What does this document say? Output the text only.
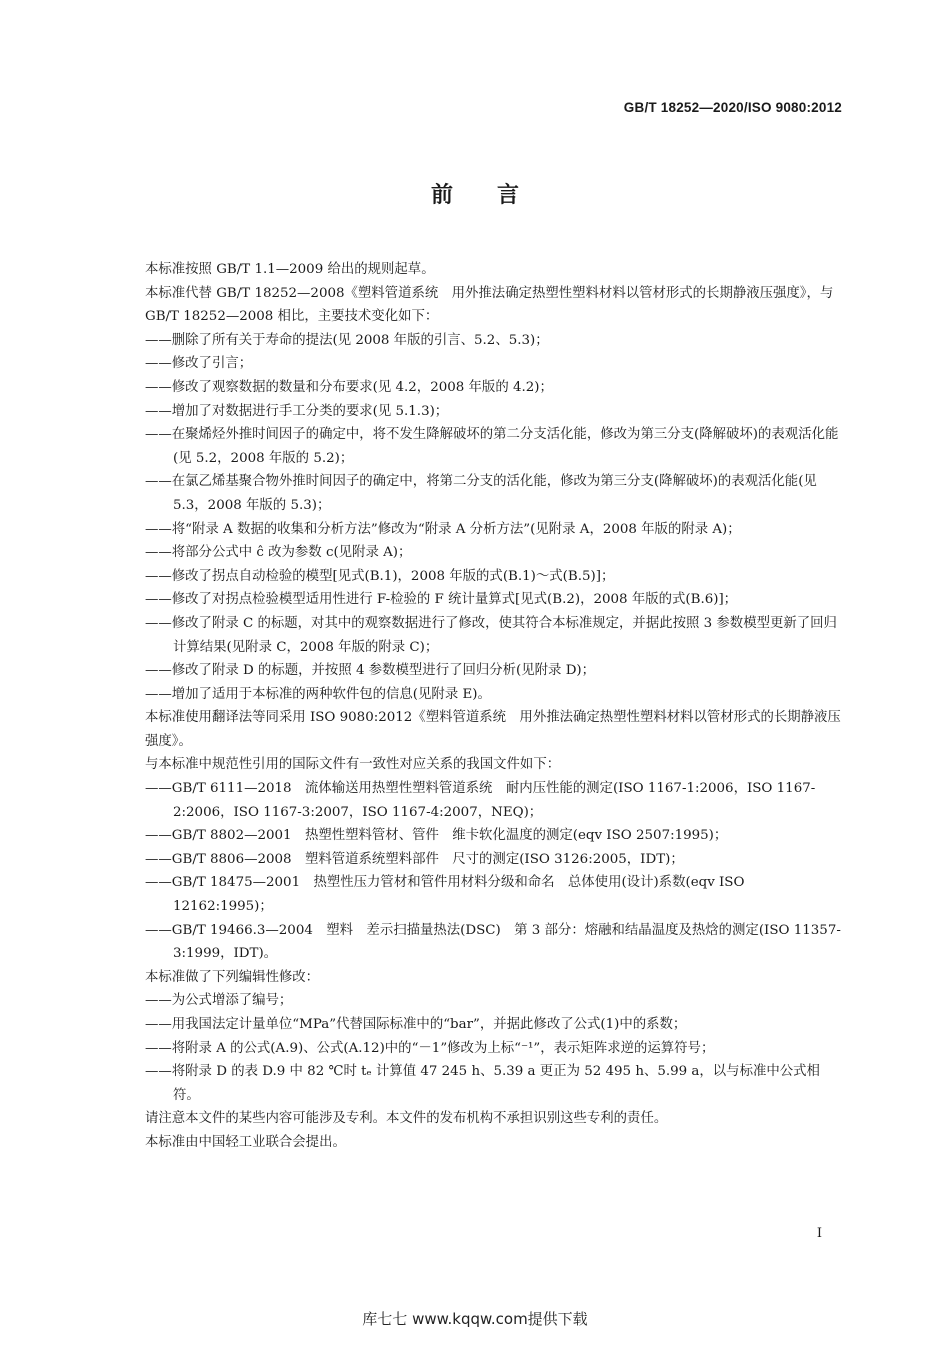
GB/T 18252—2020/ISO 9080:2012
前　　言

本标准按照 GB/T 1.1—2009 给出的规则起草。

本标准代替 GB/T 18252—2008《塑料管道系统　用外推法确定热塑性塑料材料以管材形式的长期静液压强度》，与 GB/T 18252—2008 相比，主要技术变化如下：

——删除了所有关于寿命的提法(见 2008 年版的引言、5.2、5.3)；

——修改了引言；

——修改了观察数据的数量和分布要求(见 4.2，2008 年版的 4.2)；

——增加了对数据进行手工分类的要求(见 5.1.3)；

——在聚烯烃外推时间因子的确定中，将不发生降解破坏的第二分支活化能，修改为第三分支(降解破坏)的表观活化能(见 5.2，2008 年版的 5.2)；

——在氯乙烯基聚合物外推时间因子的确定中，将第二分支的活化能，修改为第三分支(降解破坏)的表观活化能(见 5.3，2008 年版的 5.3)；

——将“附录 A 数据的收集和分析方法”修改为“附录 A 分析方法”(见附录 A，2008 年版的附录 A)；

——将部分公式中 ĉ 改为参数 c(见附录 A)；

——修改了拐点自动检验的模型[见式(B.1)，2008 年版的式(B.1)～式(B.5)]；

——修改了对拐点检验模型适用性进行 F-检验的 F 统计量算式[见式(B.2)，2008 年版的式(B.6)]；

——修改了附录 C 的标题，对其中的观察数据进行了修改，使其符合本标准规定，并据此按照 3 参数模型更新了回归计算结果(见附录 C，2008 年版的附录 C)；

——修改了附录 D 的标题，并按照 4 参数模型进行了回归分析(见附录 D)；

——增加了适用于本标准的两种软件包的信息(见附录 E)。

本标准使用翻译法等同采用 ISO 9080:2012《塑料管道系统　用外推法确定热塑性塑料材料以管材形式的长期静液压强度》。

与本标准中规范性引用的国际文件有一致性对应关系的我国文件如下：

——GB/T 6111—2018　流体输送用热塑性塑料管道系统　耐内压性能的测定(ISO 1167-1:2006，ISO 1167-2:2006，ISO 1167-3:2007，ISO 1167-4:2007，NEQ)；

——GB/T 8802—2001　热塑性塑料管材、管件　维卡软化温度的测定(eqv ISO 2507:1995)；

——GB/T 8806—2008　塑料管道系统塑料部件　尺寸的测定(ISO 3126:2005，IDT)；

——GB/T 18475—2001　热塑性压力管材和管件用材料分级和命名　总体使用(设计)系数(eqv ISO 12162:1995)；

——GB/T 19466.3—2004　塑料　差示扫描量热法(DSC)　第 3 部分：熔融和结晶温度及热焓的测定(ISO 11357-3:1999，IDT)。

本标准做了下列编辑性修改：

——为公式增添了编号；

——用我国法定计量单位“MPa”代替国际标准中的“bar”，并据此修改了公式(1)中的系数；

——将附录 A 的公式(A.9)、公式(A.12)中的“－1”修改为上标“⁻¹”，表示矩阵求逆的运算符号；

——将附录 D 的表 D.9 中 82 ℃时 tₑ 计算值 47 245 h、5.39 a 更正为 52 495 h、5.99 a，以与标准中公式相符。

请注意本文件的某些内容可能涉及专利。本文件的发布机构不承担识别这些专利的责任。

本标准由中国轻工业联合会提出。

I
库七七 www.kqqw.com提供下载
